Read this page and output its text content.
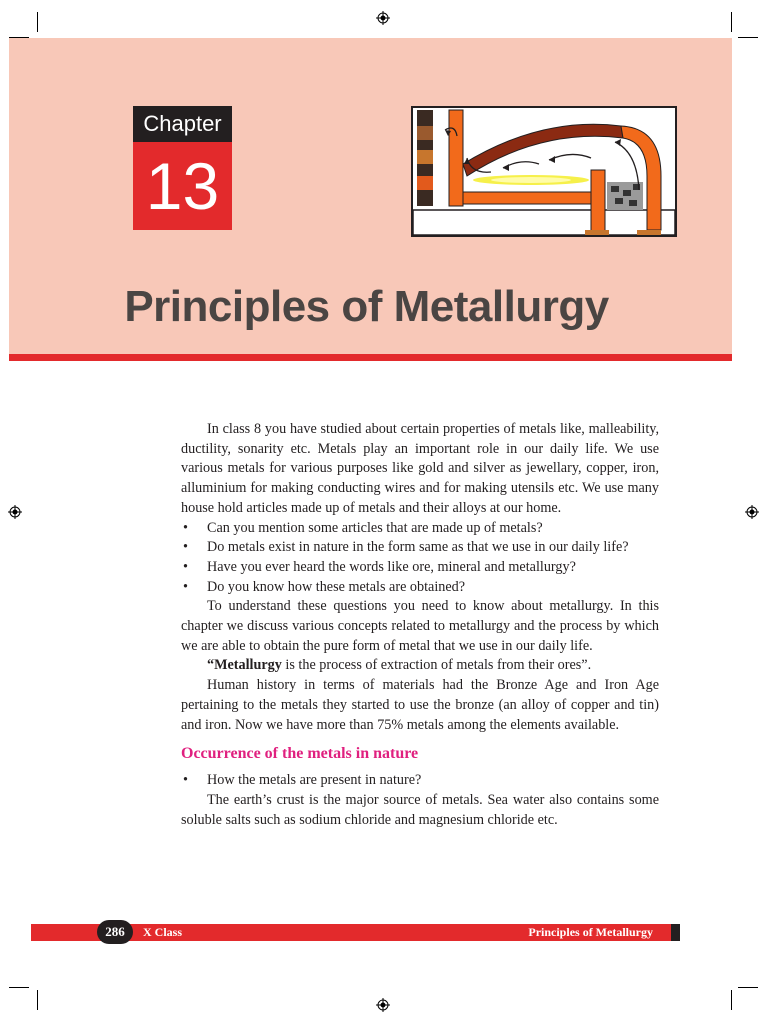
Chapter
13
Principles of Metallurgy

In class 8 you have studied about certain properties of metals like, malleability, ductility, sonarity etc. Metals play an important role in our daily life. We use various metals for various purposes like gold and silver as jewellary, copper, iron, alluminium for making conducting wires and for making utensils etc. We use many house hold articles made up of metals and their alloys at our home.

• Can you mention some articles that are made up of metals?
• Do metals exist in nature in the form same as that we use in our daily life?
• Have you ever heard the words like ore, mineral and metallurgy?
• Do you know how these metals are obtained?

To understand these questions you need to know about metallurgy. In this chapter we discuss various concepts related to metallurgy and the process by which we are able to obtain the pure form of metal that we use in our daily life.

“Metallurgy is the process of extraction of metals from their ores”.

Human history in terms of materials had the Bronze Age and Iron Age pertaining to the metals they started to use the bronze (an alloy of copper and tin) and iron. Now we have more than 75% metals among the elements available.

Occurrence of the metals in nature
• How the metals are present in nature?

The earth’s crust is the major source of metals. Sea water also contains some soluble salts such as sodium chloride and magnesium chloride etc.

286	X Class	Principles of Metallurgy
